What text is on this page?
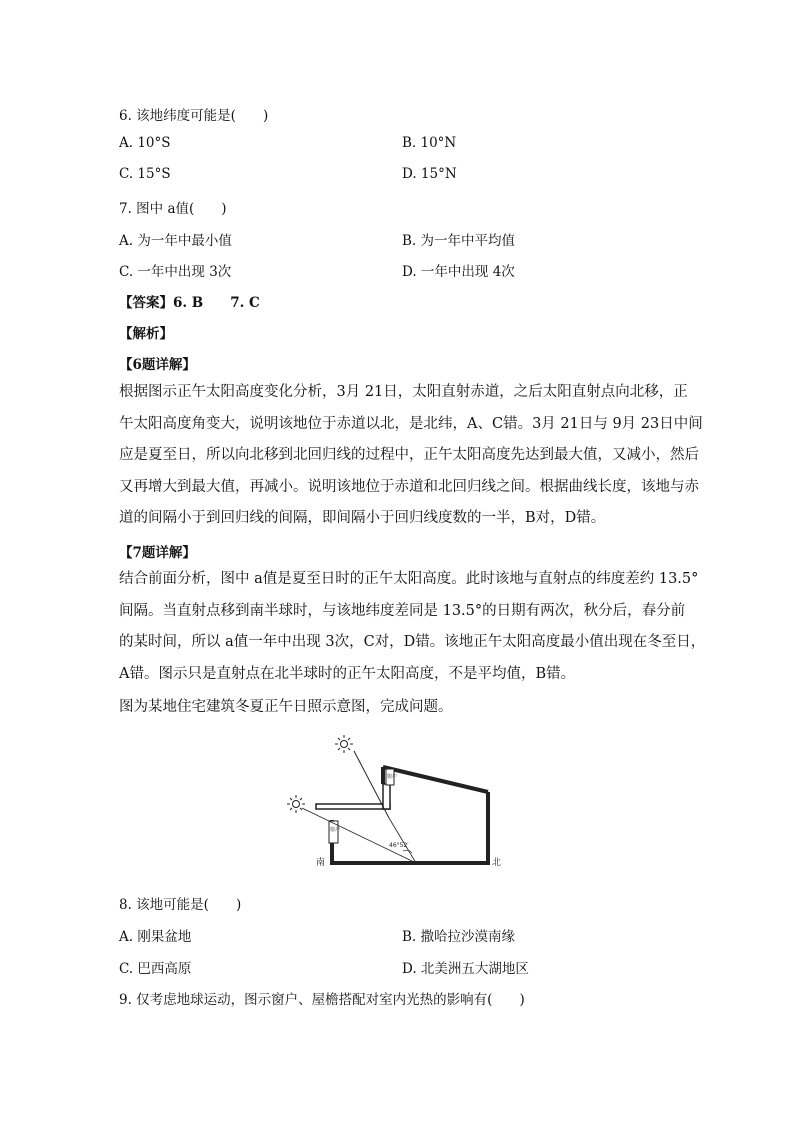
6. 该地纬度可能是(　　)
A. 10°S	B. 10°N
C. 15°S	D. 15°N
7. 图中 a值(　　)
A. 为一年中最小值	B. 为一年中平均值
C. 一年中出现 3次	D. 一年中出现 4次
【答案】6. B　　7. C
【解析】
【6题详解】
根据图示正午太阳高度变化分析，3月 21日，太阳直射赤道，之后太阳直射点向北移，正
午太阳高度角变大，说明该地位于赤道以北，是北纬，A、C错。3月 21日与 9月 23日中间
应是夏至日，所以向北移到北回归线的过程中，正午太阳高度先达到最大值，又减小，然后
又再增大到最大值，再减小。说明该地位于赤道和北回归线之间。根据曲线长度，该地与赤
道的间隔小于到回归线的间隔，即间隔小于回归线度数的一半，B对，D错。
【7题详解】
结合前面分析，图中 a值是夏至日时的正午太阳高度。此时该地与直射点的纬度差约 13.5°
间隔。当直射点移到南半球时，与该地纬度差同是 13.5°的日期有两次，秋分后，春分前
的某时间，所以 a值一年中出现 3次，C对，D错。该地正午太阳高度最小值出现在冬至日，
A错。图示只是直射点在北半球时的正午太阳高度，不是平均值，B错。
图为某地住宅建筑冬夏正午日照示意图，完成问题。
窗户
窗户
46°52′
南	北
8. 该地可能是(　　)
A. 刚果盆地	B. 撒哈拉沙漠南缘
C. 巴西高原	D. 北美洲五大湖地区
9. 仅考虑地球运动，图示窗户、屋檐搭配对室内光热的影响有(　　)
